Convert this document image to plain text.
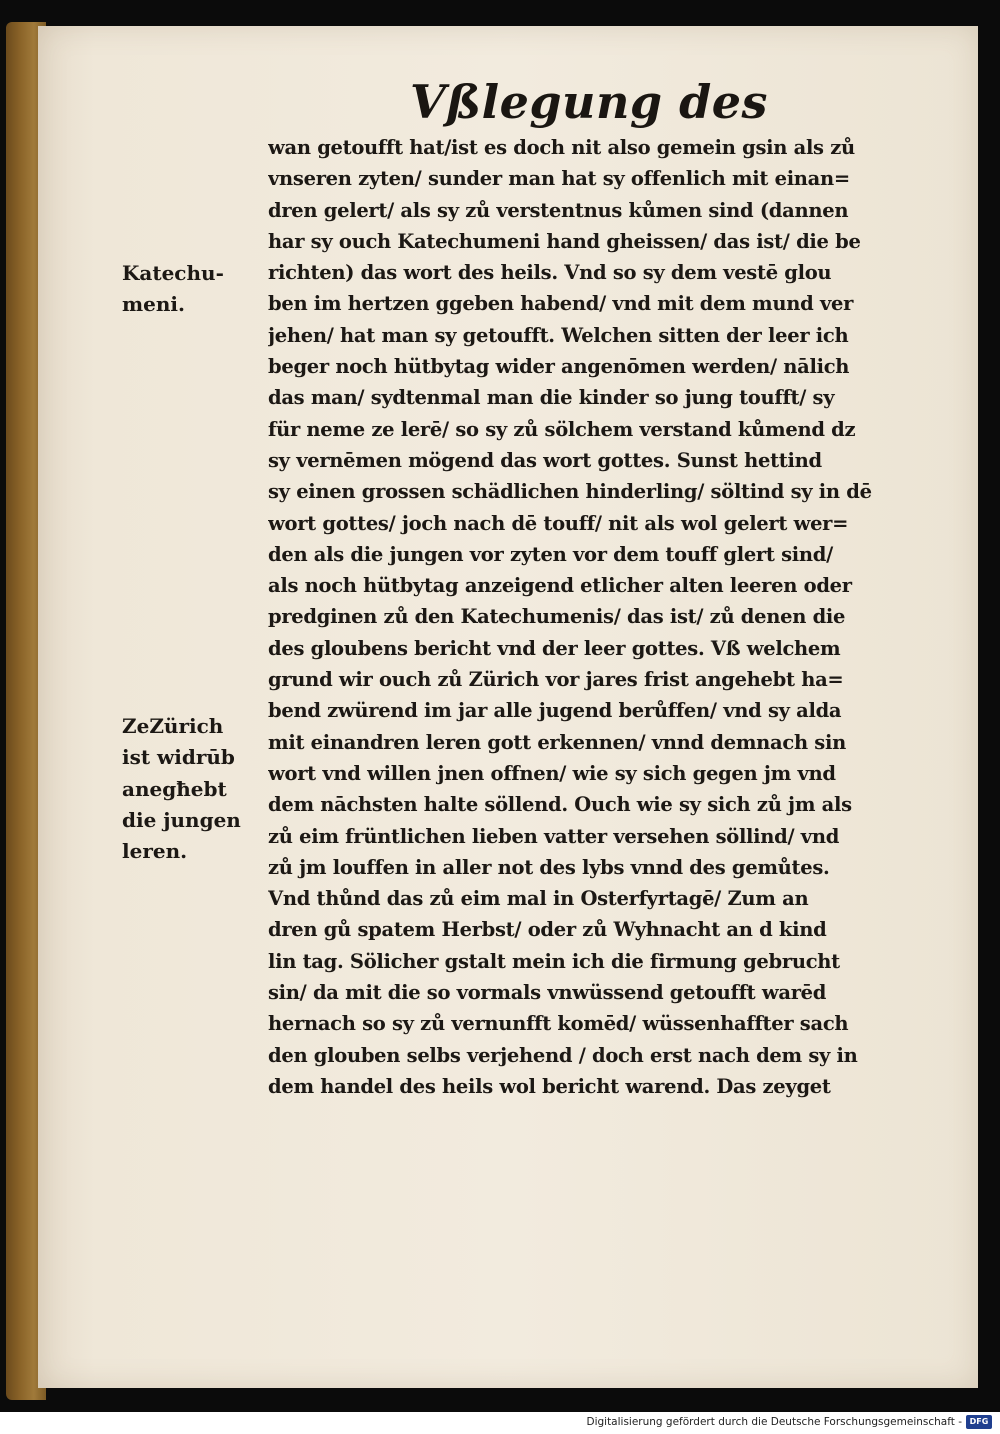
Vßlegung des
wan getoufft hat/ist es doch nit also gemein gsin als zů
vnseren zyten/ sunder man hat sy offenlich mit einan=
dren gelert/ als sy zů verstentnus kůmen sind (dannen
har sy ouch Katechumeni hand gheissen/ das ist/ die be
richten) das wort des heils. Vnd so sy dem vestē glou
ben im hertzen ggeben habend/ vnd mit dem mund ver
jehen/ hat man sy getoufft. Welchen sitten der leer ich
beger noch hütbytag wider angenōmen werden/ nālich
das man/ sydtenmal man die kinder so jung toufft/ sy
für neme ze lerē/ so sy zů sölchem verstand kůmend dz
sy vernēmen mögend das wort gottes. Sunst hettind
sy einen grossen schädlichen hinderling/ söltind sy in dē
wort gottes/ joch nach dē touff/ nit als wol gelert wer=
den als die jungen vor zyten vor dem touff glert sind/
als noch hütbytag anzeigend etlicher alten leeren oder
predginen zů den Katechumenis/ das ist/ zů denen die
des gloubens bericht vnd der leer gottes. Vß welchem
grund wir ouch zů Zürich vor jares frist angehebt ha=
bend zwürend im jar alle jugend berůffen/ vnd sy alda
mit einandren leren gott erkennen/ vnnd demnach sin
wort vnd willen jnen offnen/ wie sy sich gegen jm vnd
dem nāchsten halte söllend. Ouch wie sy sich zů jm als
zů eim früntlichen lieben vatter versehen söllind/ vnd
zů jm louffen in aller not des lybs vnnd des gemůtes.
Vnd thůnd das zů eim mal in Osterfyrtagē/ Zum an
dren gů spatem Herbst/ oder zů Wyhnacht an d kind
lin tag. Sölicher gstalt mein ich die firmung gebrucht
sin/ da mit die so vormals vnwüssend getoufft warēd
hernach so sy zů vernunfft komēd/ wüssenhaffter sach
den glouben selbs verjehend / doch erst nach dem sy in
dem handel des heils wol bericht warend. Das zeyget
Katechu-
meni.
ZeZürich
ist widrūb
anegħebt
die jungen
leren.
Digitalisierung gefördert durch die Deutsche Forschungsgemeinschaft - DFG
